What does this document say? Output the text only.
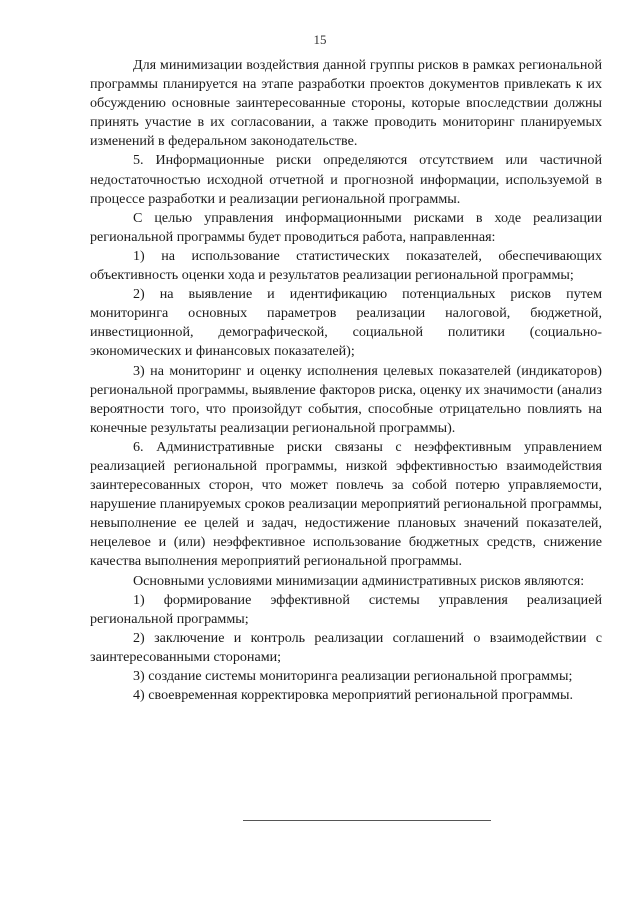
15

Для минимизации воздействия данной группы рисков в рамках региональной программы планируется на этапе разработки проектов документов привлекать к их обсуждению основные заинтересованные стороны, которые впоследствии должны принять участие в их согласовании, а также проводить мониторинг планируемых изменений в федеральном законодательстве.

5. Информационные риски определяются отсутствием или частичной недостаточностью исходной отчетной и прогнозной информации, используемой в процессе разработки и реализации региональной программы.

С целью управления информационными рисками в ходе реализации региональной программы будет проводиться работа, направленная:

1) на использование статистических показателей, обеспечивающих объективность оценки хода и результатов реализации региональной программы;

2) на выявление и идентификацию потенциальных рисков путем мониторинга основных параметров реализации налоговой, бюджетной, инвестиционной, демографической, социальной политики (социально-экономических и финансовых показателей);

3) на мониторинг и оценку исполнения целевых показателей (индикаторов) региональной программы, выявление факторов риска, оценку их значимости (анализ вероятности того, что произойдут события, способные отрицательно повлиять на конечные результаты реализации региональной программы).

6. Административные риски связаны с неэффективным управлением реализацией региональной программы, низкой эффективностью взаимодействия заинтересованных сторон, что может повлечь за собой потерю управляемости, нарушение планируемых сроков реализации мероприятий региональной программы, невыполнение ее целей и задач, недостижение плановых значений показателей, нецелевое и (или) неэффективное использование бюджетных средств, снижение качества выполнения мероприятий региональной программы.

Основными условиями минимизации административных рисков являются:

1) формирование эффективной системы управления реализацией региональной программы;

2) заключение и контроль реализации соглашений о взаимодействии с заинтересованными сторонами;

3) создание системы мониторинга реализации региональной программы;

4) своевременная корректировка мероприятий региональной программы.
